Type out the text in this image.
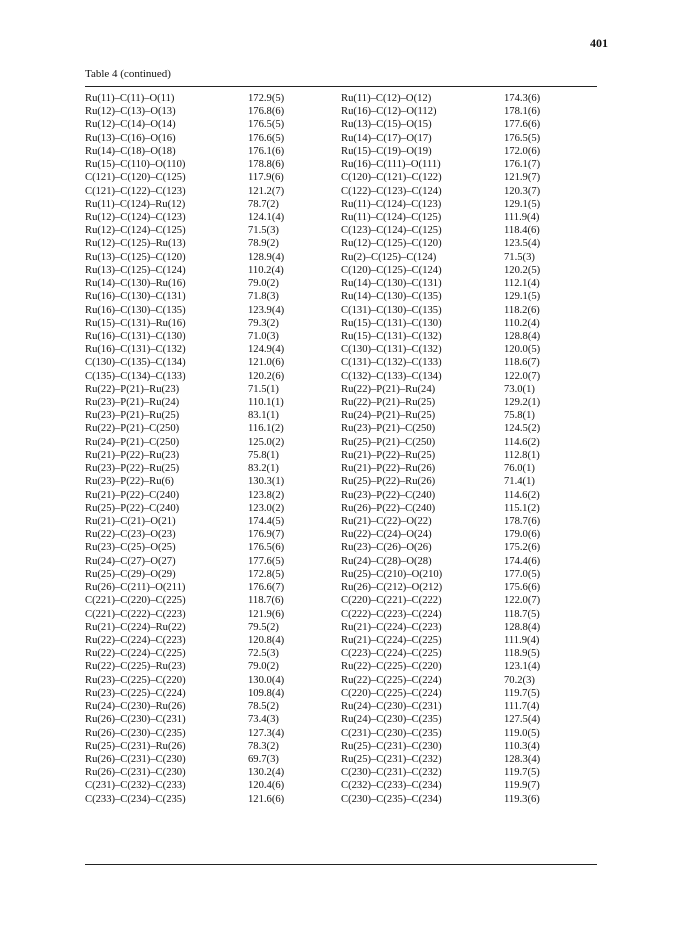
401
Table 4 (continued)
Ru(11)–C(11)–O(11)	172.9(5)	Ru(11)–C(12)–O(12)	174.3(6)
Ru(12)–C(13)–O(13)	176.8(6)	Ru(16)–C(12)–O(112)	178.1(6)
Ru(12)–C(14)–O(14)	176.5(5)	Ru(13)–C(15)–O(15)	177.6(6)
Ru(13)–C(16)–O(16)	176.6(5)	Ru(14)–C(17)–O(17)	176.5(5)
Ru(14)–C(18)–O(18)	176.1(6)	Ru(15)–C(19)–O(19)	172.0(6)
Ru(15)–C(110)–O(110)	178.8(6)	Ru(16)–C(111)–O(111)	176.1(7)
C(121)–C(120)–C(125)	117.9(6)	C(120)–C(121)–C(122)	121.9(7)
C(121)–C(122)–C(123)	121.2(7)	C(122)–C(123)–C(124)	120.3(7)
Ru(11)–C(124)–Ru(12)	78.7(2)	Ru(11)–C(124)–C(123)	129.1(5)
Ru(12)–C(124)–C(123)	124.1(4)	Ru(11)–C(124)–C(125)	111.9(4)
Ru(12)–C(124)–C(125)	71.5(3)	C(123)–C(124)–C(125)	118.4(6)
Ru(12)–C(125)–Ru(13)	78.9(2)	Ru(12)–C(125)–C(120)	123.5(4)
Ru(13)–C(125)–C(120)	128.9(4)	Ru(2)–C(125)–C(124)	71.5(3)
Ru(13)–C(125)–C(124)	110.2(4)	C(120)–C(125)–C(124)	120.2(5)
Ru(14)–C(130)–Ru(16)	79.0(2)	Ru(14)–C(130)–C(131)	112.1(4)
Ru(16)–C(130)–C(131)	71.8(3)	Ru(14)–C(130)–C(135)	129.1(5)
Ru(16)–C(130)–C(135)	123.9(4)	C(131)–C(130)–C(135)	118.2(6)
Ru(15)–C(131)–Ru(16)	79.3(2)	Ru(15)–C(131)–C(130)	110.2(4)
Ru(16)–C(131)–C(130)	71.0(3)	Ru(15)–C(131)–C(132)	128.8(4)
Ru(16)–C(131)–C(132)	124.9(4)	C(130)–C(131)–C(132)	120.0(5)
C(130)–C(135)–C(134)	121.0(6)	C(131)–C(132)–C(133)	118.6(7)
C(135)–C(134)–C(133)	120.2(6)	C(132)–C(133)–C(134)	122.0(7)
Ru(22)–P(21)–Ru(23)	71.5(1)	Ru(22)–P(21)–Ru(24)	73.0(1)
Ru(23)–P(21)–Ru(24)	110.1(1)	Ru(22)–P(21)–Ru(25)	129.2(1)
Ru(23)–P(21)–Ru(25)	83.1(1)	Ru(24)–P(21)–Ru(25)	75.8(1)
Ru(22)–P(21)–C(250)	116.1(2)	Ru(23)–P(21)–C(250)	124.5(2)
Ru(24)–P(21)–C(250)	125.0(2)	Ru(25)–P(21)–C(250)	114.6(2)
Ru(21)–P(22)–Ru(23)	75.8(1)	Ru(21)–P(22)–Ru(25)	112.8(1)
Ru(23)–P(22)–Ru(25)	83.2(1)	Ru(21)–P(22)–Ru(26)	76.0(1)
Ru(23)–P(22)–Ru(6)	130.3(1)	Ru(25)–P(22)–Ru(26)	71.4(1)
Ru(21)–P(22)–C(240)	123.8(2)	Ru(23)–P(22)–C(240)	114.6(2)
Ru(25)–P(22)–C(240)	123.0(2)	Ru(26)–P(22)–C(240)	115.1(2)
Ru(21)–C(21)–O(21)	174.4(5)	Ru(21)–C(22)–O(22)	178.7(6)
Ru(22)–C(23)–O(23)	176.9(7)	Ru(22)–C(24)–O(24)	179.0(6)
Ru(23)–C(25)–O(25)	176.5(6)	Ru(23)–C(26)–O(26)	175.2(6)
Ru(24)–C(27)–O(27)	177.6(5)	Ru(24)–C(28)–O(28)	174.4(6)
Ru(25)–C(29)–O(29)	172.8(5)	Ru(25)–C(210)–O(210)	177.0(5)
Ru(26)–C(211)–O(211)	176.6(7)	Ru(26)–C(212)–O(212)	175.6(6)
C(221)–C(220)–C(225)	118.7(6)	C(220)–C(221)–C(222)	122.0(7)
C(221)–C(222)–C(223)	121.9(6)	C(222)–C(223)–C(224)	118.7(5)
Ru(21)–C(224)–Ru(22)	79.5(2)	Ru(21)–C(224)–C(223)	128.8(4)
Ru(22)–C(224)–C(223)	120.8(4)	Ru(21)–C(224)–C(225)	111.9(4)
Ru(22)–C(224)–C(225)	72.5(3)	C(223)–C(224)–C(225)	118.9(5)
Ru(22)–C(225)–Ru(23)	79.0(2)	Ru(22)–C(225)–C(220)	123.1(4)
Ru(23)–C(225)–C(220)	130.0(4)	Ru(22)–C(225)–C(224)	70.2(3)
Ru(23)–C(225)–C(224)	109.8(4)	C(220)–C(225)–C(224)	119.7(5)
Ru(24)–C(230)–Ru(26)	78.5(2)	Ru(24)–C(230)–C(231)	111.7(4)
Ru(26)–C(230)–C(231)	73.4(3)	Ru(24)–C(230)–C(235)	127.5(4)
Ru(26)–C(230)–C(235)	127.3(4)	C(231)–C(230)–C(235)	119.0(5)
Ru(25)–C(231)–Ru(26)	78.3(2)	Ru(25)–C(231)–C(230)	110.3(4)
Ru(26)–C(231)–C(230)	69.7(3)	Ru(25)–C(231)–C(232)	128.3(4)
Ru(26)–C(231)–C(230)	130.2(4)	C(230)–C(231)–C(232)	119.7(5)
C(231)–C(232)–C(233)	120.4(6)	C(232)–C(233)–C(234)	119.9(7)
C(233)–C(234)–C(235)	121.6(6)	C(230)–C(235)–C(234)	119.3(6)
